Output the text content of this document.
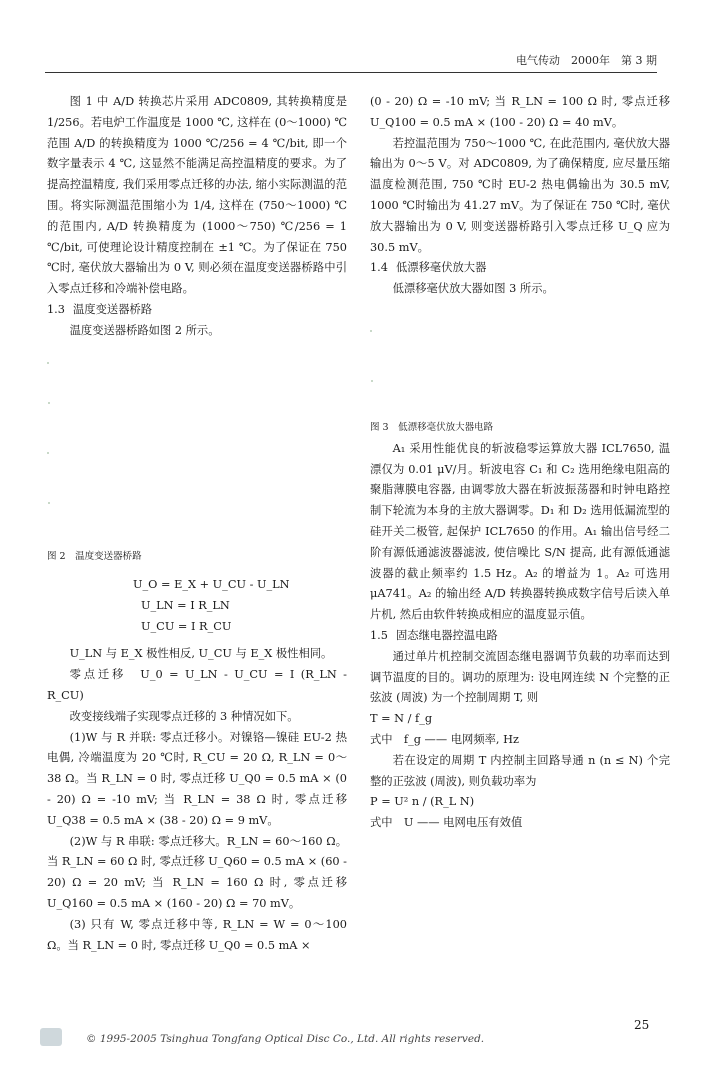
电气传动　2000年　第 3 期

图 1 中 A/D 转换芯片采用 ADC0809, 其转换精度是 1/256。若电炉工作温度是 1000 ℃, 这样在 (0～1000) ℃ 范围 A/D 的转换精度为 1000 ℃/256 = 4 ℃/bit, 即一个数字量表示 4 ℃, 这显然不能满足高控温精度的要求。为了提高控温精度, 我们采用零点迁移的办法, 缩小实际测温的范围。将实际测温范围缩小为 1/4, 这样在 (750～1000) ℃ 的范围内, A/D 转换精度为 (1000～750) ℃/256 = 1 ℃/bit, 可使理论设计精度控制在 ±1 ℃。为了保证在 750 ℃时, 毫伏放大器输出为 0 V, 则必须在温度变送器桥路中引入零点迁移和冷端补偿电路。

1.3 温度变送器桥路

温度变送器桥路如图 2 所示。

图 2　温度变送器桥路

U_O = E_X + U_CU - U_LN
U_LN = I R_LN
U_CU = I R_CU

U_LN 与 E_X 极性相反, U_CU 与 E_X 极性相同。

零点迁移　U_0 = U_LN - U_CU = I (R_LN - R_CU)

改变接线端子实现零点迁移的 3 种情况如下。

(1)W 与 R 并联: 零点迁移小。对镍铬—镍硅 EU-2 热电偶, 冷端温度为 20 ℃时, R_CU = 20 Ω, R_LN = 0～38 Ω。当 R_LN = 0 时, 零点迁移 U_Q0 = 0.5 mA × (0 - 20) Ω = -10 mV; 当 R_LN = 38 Ω 时, 零点迁移 U_Q38 = 0.5 mA × (38 - 20) Ω = 9 mV。

(2)W 与 R 串联: 零点迁移大。R_LN = 60～160 Ω。当 R_LN = 60 Ω 时, 零点迁移 U_Q60 = 0.5 mA × (60 - 20) Ω = 20 mV; 当 R_LN = 160 Ω 时, 零点迁移 U_Q160 = 0.5 mA × (160 - 20) Ω = 70 mV。

(3) 只有 W, 零点迁移中等, R_LN = W = 0～100 Ω。当 R_LN = 0 时, 零点迁移 U_Q0 = 0.5 mA ×

(0 - 20) Ω = -10 mV; 当 R_LN = 100 Ω 时, 零点迁移 U_Q100 = 0.5 mA × (100 - 20) Ω = 40 mV。

若控温范围为 750～1000 ℃, 在此范围内, 毫伏放大器输出为 0～5 V。对 ADC0809, 为了确保精度, 应尽量压缩温度检测范围, 750 ℃时 EU-2 热电偶输出为 30.5 mV, 1000 ℃时输出为 41.27 mV。为了保证在 750 ℃时, 毫伏放大器输出为 0 V, 则变送器桥路引入零点迁移 U_Q 应为 30.5 mV。

1.4 低漂移毫伏放大器

低漂移毫伏放大器如图 3 所示。

图 3　低漂移毫伏放大器电路

A₁ 采用性能优良的斩波稳零运算放大器 ICL7650, 温漂仅为 0.01 μV/月。斩波电容 C₁ 和 C₂ 选用绝缘电阻高的聚脂薄膜电容器, 由调零放大器在斩波振荡器和时钟电路控制下轮流为本身的主放大器调零。D₁ 和 D₂ 选用低漏流型的硅开关二极管, 起保护 ICL7650 的作用。A₁ 输出信号经二阶有源低通滤波器滤波, 使信噪比 S/N 提高, 此有源低通滤波器的截止频率约 1.5 Hz。A₂ 的增益为 1。A₂ 可选用 μA741。A₂ 的输出经 A/D 转换器转换成数字信号后读入单片机, 然后由软件转换成相应的温度显示值。

1.5 固态继电器控温电路

通过单片机控制交流固态继电器调节负载的功率而达到调节温度的目的。调功的原理为: 设电网连续 N 个完整的正弦波 (周波) 为一个控制周期 T, 则

T = N / f_g

式中　f_g —— 电网频率, Hz

若在设定的周期 T 内控制主回路导通 n (n ≤ N) 个完整的正弦波 (周波), 则负载功率为

P = U² n / (R_L N)

式中　U —— 电网电压有效值

25
© 1995-2005 Tsinghua Tongfang Optical Disc Co., Ltd. All rights reserved.
